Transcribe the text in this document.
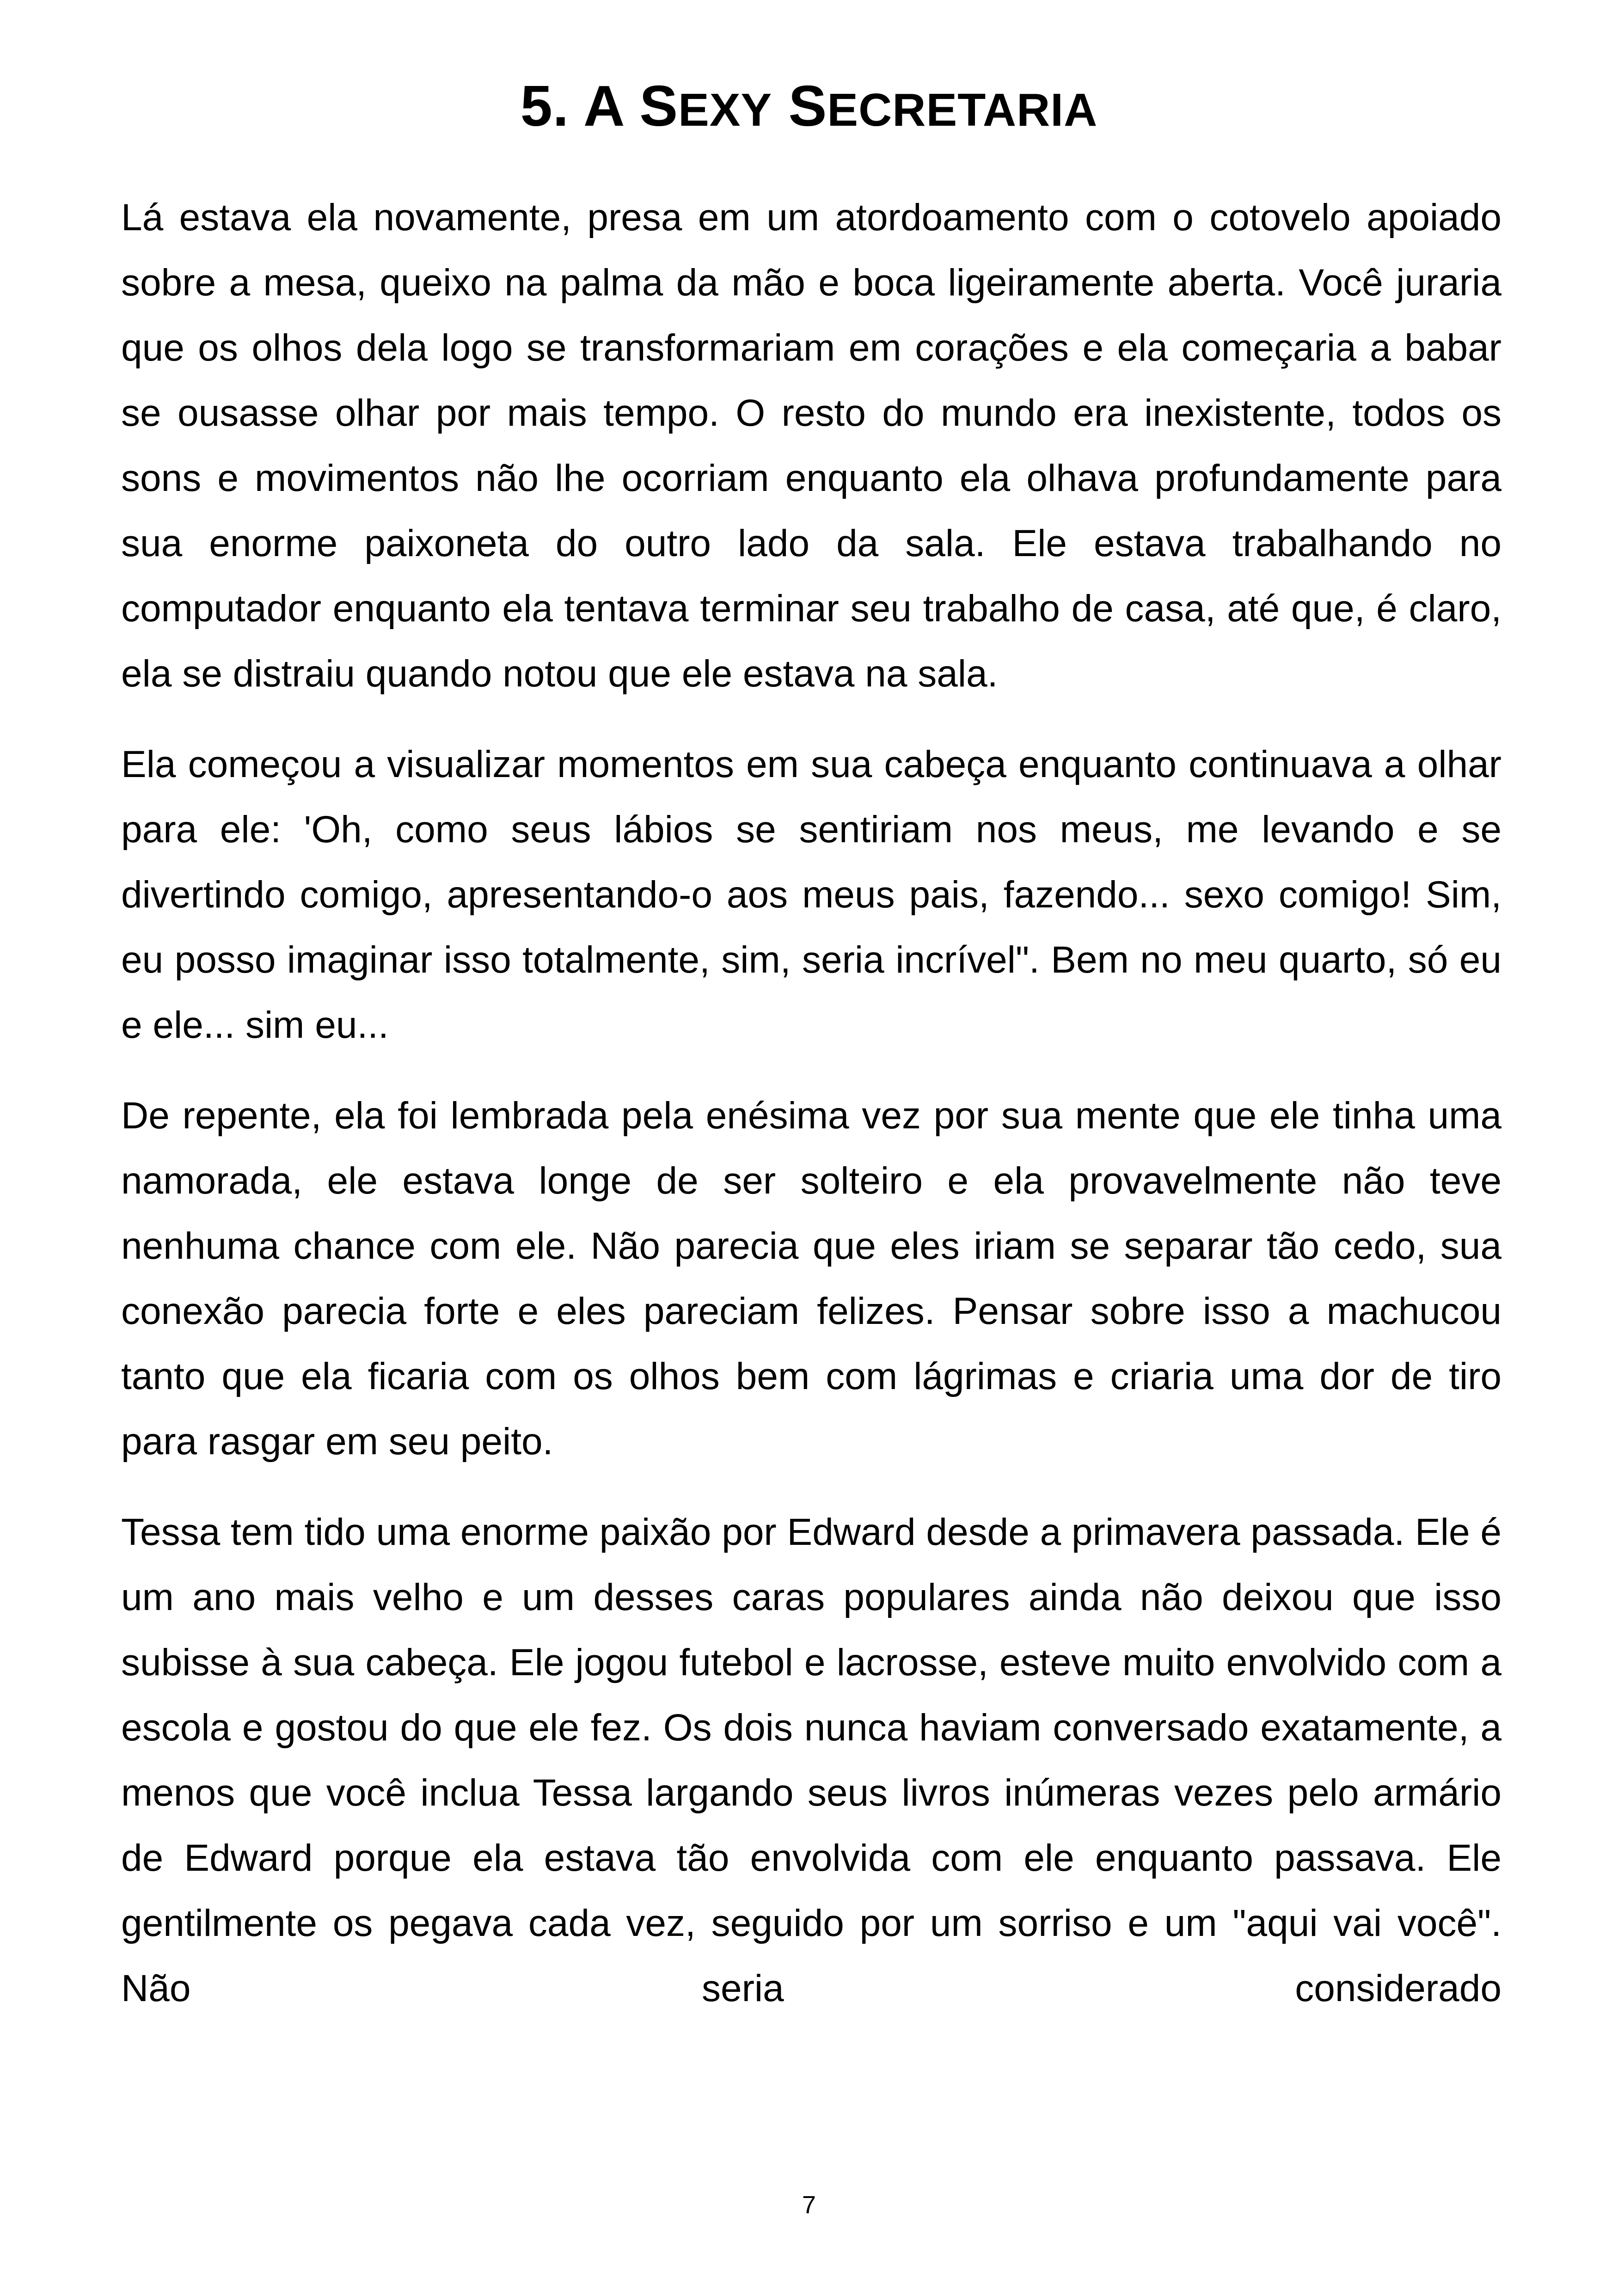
5. A SEXY SECRETARIA

Lá estava ela novamente, presa em um atordoamento com o cotovelo apoiado sobre a mesa, queixo na palma da mão e boca ligeiramente aberta. Você juraria que os olhos dela logo se transformariam em corações e ela começaria a babar se ousasse olhar por mais tempo. O resto do mundo era inexistente, todos os sons e movimentos não lhe ocorriam enquanto ela olhava profundamente para sua enorme paixoneta do outro lado da sala. Ele estava trabalhando no computador enquanto ela tentava terminar seu trabalho de casa, até que, é claro, ela se distraiu quando notou que ele estava na sala.

Ela começou a visualizar momentos em sua cabeça enquanto continuava a olhar para ele: 'Oh, como seus lábios se sentiriam nos meus, me levando e se divertindo comigo, apresentando-o aos meus pais, fazendo... sexo comigo! Sim, eu posso imaginar isso totalmente, sim, seria incrível". Bem no meu quarto, só eu e ele... sim eu...

De repente, ela foi lembrada pela enésima vez por sua mente que ele tinha uma namorada, ele estava longe de ser solteiro e ela provavelmente não teve nenhuma chance com ele. Não parecia que eles iriam se separar tão cedo, sua conexão parecia forte e eles pareciam felizes. Pensar sobre isso a machucou tanto que ela ficaria com os olhos bem com lágrimas e criaria uma dor de tiro para rasgar em seu peito.

Tessa tem tido uma enorme paixão por Edward desde a primavera passada. Ele é um ano mais velho e um desses caras populares ainda não deixou que isso subisse à sua cabeça. Ele jogou futebol e lacrosse, esteve muito envolvido com a escola e gostou do que ele fez. Os dois nunca haviam conversado exatamente, a menos que você inclua Tessa largando seus livros inúmeras vezes pelo armário de Edward porque ela estava tão envolvida com ele enquanto passava. Ele gentilmente os pegava cada vez, seguido por um sorriso e um "aqui vai você". Não seria considerado

7
